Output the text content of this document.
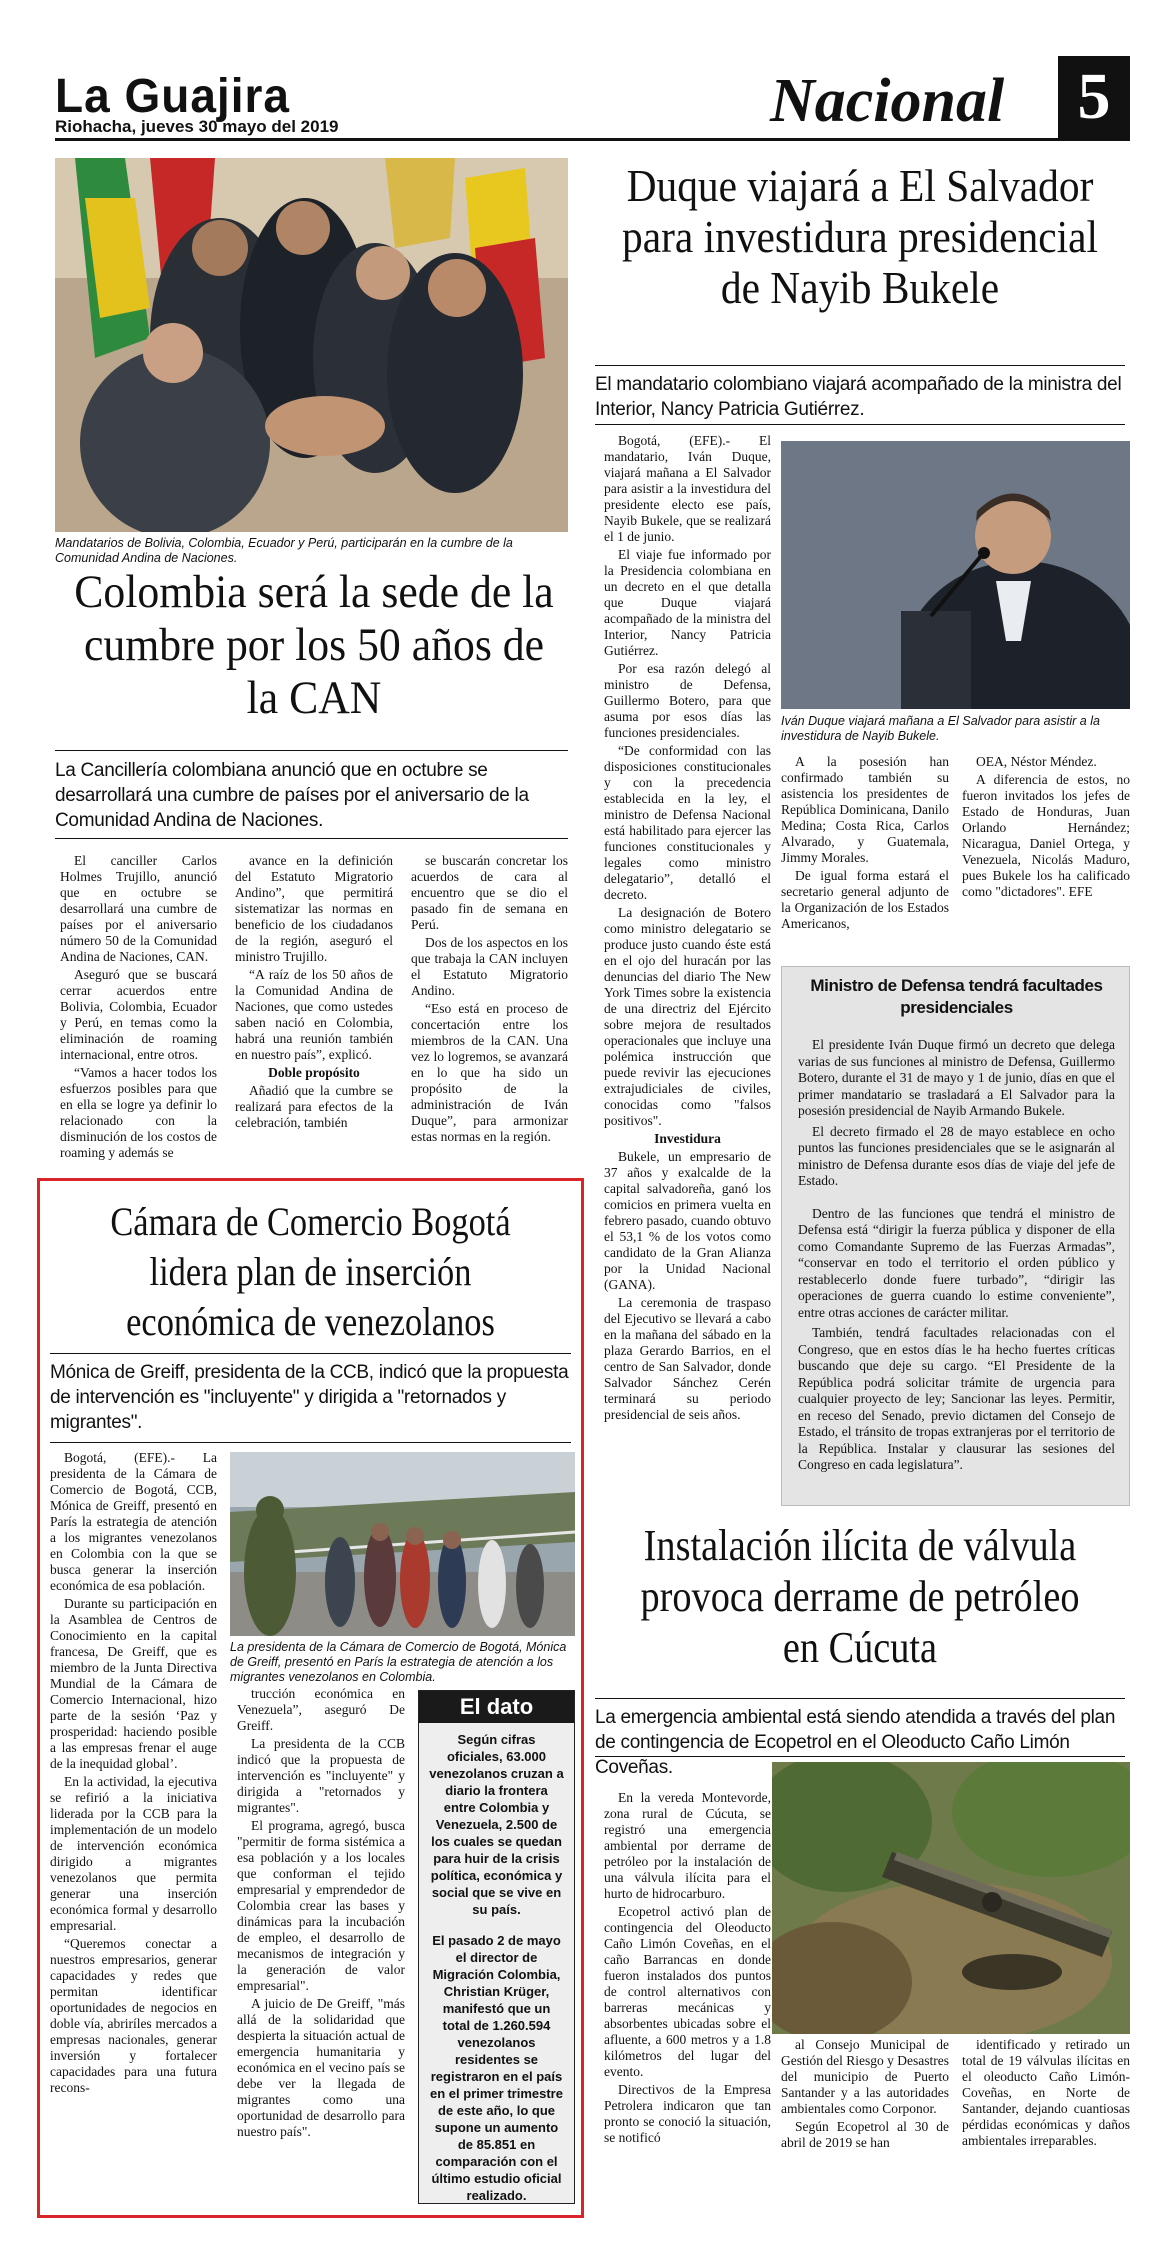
La Guajira
Riohacha, jueves 30 mayo del 2019	Nacional 5
Mandatarios de Bolivia, Colombia, Ecuador y Perú, participarán en la cumbre de la Comunidad Andina de Naciones.
Colombia será la sede de la cumbre por los 50 años de la CAN
La Cancillería colombiana anunció que en octubre se desarrollará una cumbre de países por el aniversario de la Comunidad Andina de Naciones.

El canciller Carlos Holmes Trujillo, anunció que en octubre se desarrollará una cumbre de países por el aniversario número 50 de la Comunidad Andina de Naciones, CAN.

Aseguró que se buscará cerrar acuerdos entre Bolivia, Colombia, Ecuador y Perú, en temas como la eliminación de roaming internacional, entre otros.

“Vamos a hacer todos los esfuerzos posibles para que en ella se logre ya definir lo relacionado con la disminución de los costos de roaming y además se

avance en la definición del Estatuto Migratorio Andino”, que permitirá sistematizar las normas en beneficio de los ciudadanos de la región, aseguró el ministro Trujillo.

“A raíz de los 50 años de la Comunidad Andina de Naciones, que como ustedes saben nació en Colombia, habrá una reunión también en nuestro país”, explicó.

Doble propósito

Añadió que la cumbre se realizará para efectos de la celebración, también

se buscarán concretar los acuerdos de cara al encuentro que se dio el pasado fin de semana en Perú.

Dos de los aspectos en los que trabaja la CAN incluyen el Estatuto Migratorio Andino.

“Eso está en proceso de concertación entre los miembros de la CAN. Una vez lo logremos, se avanzará en lo que ha sido un propósito de la administración de Iván Duque”, para armonizar estas normas en la región.

Duque viajará a El Salvador para investidura presidencial de Nayib Bukele
El mandatario colombiano viajará acompañado de la ministra del Interior, Nancy Patricia Gutiérrez.

Bogotá, (EFE).- El mandatario, Iván Duque, viajará mañana a El Salvador para asistir a la investidura del presidente electo ese país, Nayib Bukele, que se realizará el 1 de junio.

El viaje fue informado por la Presidencia colombiana en un decreto en el que detalla que Duque viajará acompañado de la ministra del Interior, Nancy Patricia Gutiérrez.

Por esa razón delegó al ministro de Defensa, Guillermo Botero, para que asuma por esos días las funciones presidenciales.

“De conformidad con las disposiciones constitucionales y con la precedencia establecida en la ley, el ministro de Defensa Nacional está habilitado para ejercer las funciones constitucionales y legales como ministro delegatario”, detalló el decreto.

La designación de Botero como ministro delegatario se produce justo cuando éste está en el ojo del huracán por las denuncias del diario The New York Times sobre la existencia de una directriz del Ejército sobre mejora de resultados operacionales que incluye una polémica instrucción que puede revivir las ejecuciones extrajudiciales de civiles, conocidas como "falsos positivos".

Investidura

Bukele, un empresario de 37 años y exalcalde de la capital salvadoreña, ganó los comicios en primera vuelta en febrero pasado, cuando obtuvo el 53,1 % de los votos como candidato de la Gran Alianza por la Unidad Nacional (GANA).

La ceremonia de traspaso del Ejecutivo se llevará a cabo en la mañana del sábado en la plaza Gerardo Barrios, en el centro de San Salvador, donde Salvador Sánchez Cerén terminará su periodo presidencial de seis años.

Iván Duque viajará mañana a El Salvador para asistir a la investidura de Nayib Bukele.

A la posesión han confirmado también su asistencia los presidentes de República Dominicana, Danilo Medina; Costa Rica, Carlos Alvarado, y Guatemala, Jimmy Morales.

De igual forma estará el secretario general adjunto de la Organización de los Estados Americanos,

OEA, Néstor Méndez.

A diferencia de estos, no fueron invitados los jefes de Estado de Honduras, Juan Orlando Hernández; Nicaragua, Daniel Ortega, y Venezuela, Nicolás Maduro, pues Bukele los ha calificado como "dictadores". EFE

Ministro de Defensa tendrá facultades presidenciales

El presidente Iván Duque firmó un decreto que delega varias de sus funciones al ministro de Defensa, Guillermo Botero, durante el 31 de mayo y 1 de junio, días en que el primer mandatario se trasladará a El Salvador para la posesión presidencial de Nayib Armando Bukele.

El decreto firmado el 28 de mayo establece en ocho puntos las funciones presidenciales que se le asignarán al ministro de Defensa durante esos días de viaje del jefe de Estado.

Dentro de las funciones que tendrá el ministro de Defensa está “dirigir la fuerza pública y disponer de ella como Comandante Supremo de las Fuerzas Armadas”, “conservar en todo el territorio el orden público y restablecerlo donde fuere turbado”, “dirigir las operaciones de guerra cuando lo estime conveniente”, entre otras acciones de carácter militar.

También, tendrá facultades relacionadas con el Congreso, que en estos días le ha hecho fuertes críticas buscando que deje su cargo. “El Presidente de la República podrá solicitar trámite de urgencia para cualquier proyecto de ley; Sancionar las leyes. Permitir, en receso del Senado, previo dictamen del Consejo de Estado, el tránsito de tropas extranjeras por el territorio de la República. Instalar y clausurar las sesiones del Congreso en cada legislatura”.

Cámara de Comercio Bogotá lidera plan de inserción económica de venezolanos
Mónica de Greiff, presidenta de la CCB, indicó que la propuesta de intervención es "incluyente" y dirigida a "retornados y migrantes".

Bogotá, (EFE).- La presidenta de la Cámara de Comercio de Bogotá, CCB, Mónica de Greiff, presentó en París la estrategia de atención a los migrantes venezolanos en Colombia con la que se busca generar la inserción económica de esa población.

Durante su participación en la Asamblea de Centros de Conocimiento en la capital francesa, De Greiff, que es miembro de la Junta Directiva Mundial de la Cámara de Comercio Internacional, hizo parte de la sesión ‘Paz y prosperidad: haciendo posible a las empresas frenar el auge de la inequidad global’.

En la actividad, la ejecutiva se refirió a la iniciativa liderada por la CCB para la implementación de un modelo de intervención económica dirigido a migrantes venezolanos que permita generar una inserción económica formal y desarrollo empresarial.

“Queremos conectar a nuestros empresarios, generar capacidades y redes que permitan identificar oportunidades de negocios en doble vía, abriríles mercados a empresas nacionales, generar inversión y fortalecer capacidades para una futura recons-

La presidenta de la Cámara de Comercio de Bogotá, Mónica de Greiff, presentó en París la estrategia de atención a los migrantes venezolanos en Colombia.

trucción económica en Venezuela”, aseguró De Greiff.

La presidenta de la CCB indicó que la propuesta de intervención es "incluyente" y dirigida a "retornados y migrantes".

El programa, agregó, busca "permitir de forma sistémica a esa población y a los locales que conforman el tejido empresarial y emprendedor de Colombia crear las bases y dinámicas para la incubación de empleo, el desarrollo de mecanismos de integración y la generación de valor empresarial".

A juicio de De Greiff, "más allá de la solidaridad que despierta la situación actual de emergencia humanitaria y económica en el vecino país se debe ver la llegada de migrantes como una oportunidad de desarrollo para nuestro país".

El dato

Según cifras oficiales, 63.000 venezolanos cruzan a diario la frontera entre Colombia y Venezuela, 2.500 de los cuales se quedan para huir de la crisis política, económica y social que se vive en su país.

El pasado 2 de mayo el director de Migración Colombia, Christian Krüger, manifestó que un total de 1.260.594 venezolanos residentes se registraron en el país en el primer trimestre de este año, lo que supone un aumento de 85.851 en comparación con el último estudio oficial realizado.

Instalación ilícita de válvula provoca derrame de petróleo en Cúcuta
La emergencia ambiental está siendo atendida a través del plan de contingencia de Ecopetrol en el Oleoducto Caño Limón Coveñas.

En la vereda Montevorde, zona rural de Cúcuta, se registró una emergencia ambiental por derrame de petróleo por la instalación de una válvula ilícita para el hurto de hidrocarburo.

Ecopetrol activó plan de contingencia del Oleoducto Caño Limón Coveñas, en el caño Barrancas en donde fueron instalados dos puntos de control alternativos con barreras mecánicas y absorbentes ubicadas sobre el afluente, a 600 metros y a 1.8 kilómetros del lugar del evento.

Directivos de la Empresa Petrolera indicaron que tan pronto se conoció la situación, se notificó

al Consejo Municipal de Gestión del Riesgo y Desastres del municipio de Puerto Santander y a las autoridades ambientales como Corponor.

Según Ecopetrol al 30 de abril de 2019 se han

identificado y retirado un total de 19 válvulas ilícitas en el oleoducto Caño Limón-Coveñas, en Norte de Santander, dejando cuantiosas pérdidas económicas y daños ambientales irreparables.
